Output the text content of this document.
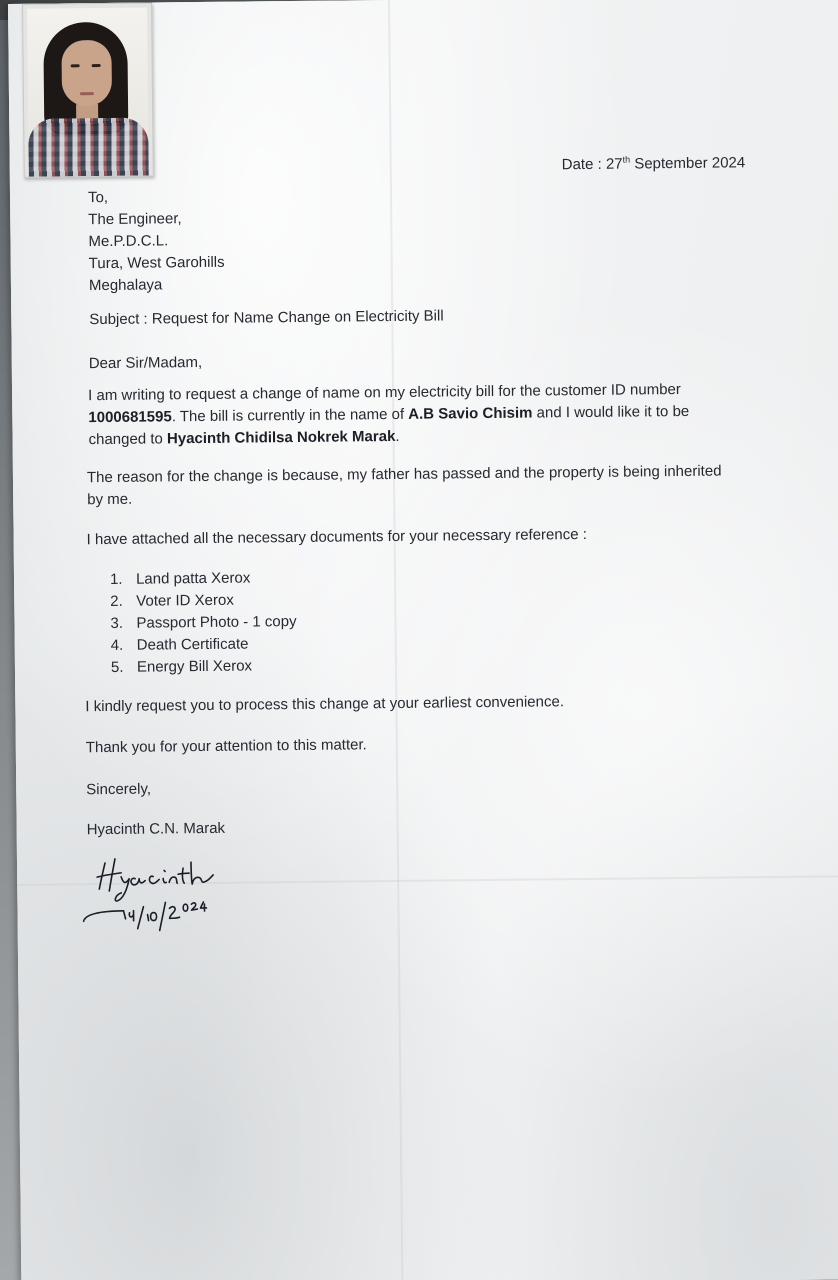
Date : 27th September 2024
To,
The Engineer,
Me.P.D.C.L.
Tura, West Garohills
Meghalaya
Subject : Request for Name Change on Electricity Bill
Dear Sir/Madam,
I am writing to request a change of name on my electricity bill for the customer ID number
1000681595. The bill is currently in the name of A.B Savio Chisim and I would like it to be
changed to Hyacinth Chidilsa Nokrek Marak.
The reason for the change is because, my father has passed and the property is being inherited
by me.
I have attached all the necessary documents for your necessary reference :
1. Land patta Xerox
2. Voter ID Xerox
3. Passport Photo - 1 copy
4. Death Certificate
5. Energy Bill Xerox
I kindly request you to process this change at your earliest convenience.
Thank you for your attention to this matter.
Sincerely,
Hyacinth C.N. Marak
